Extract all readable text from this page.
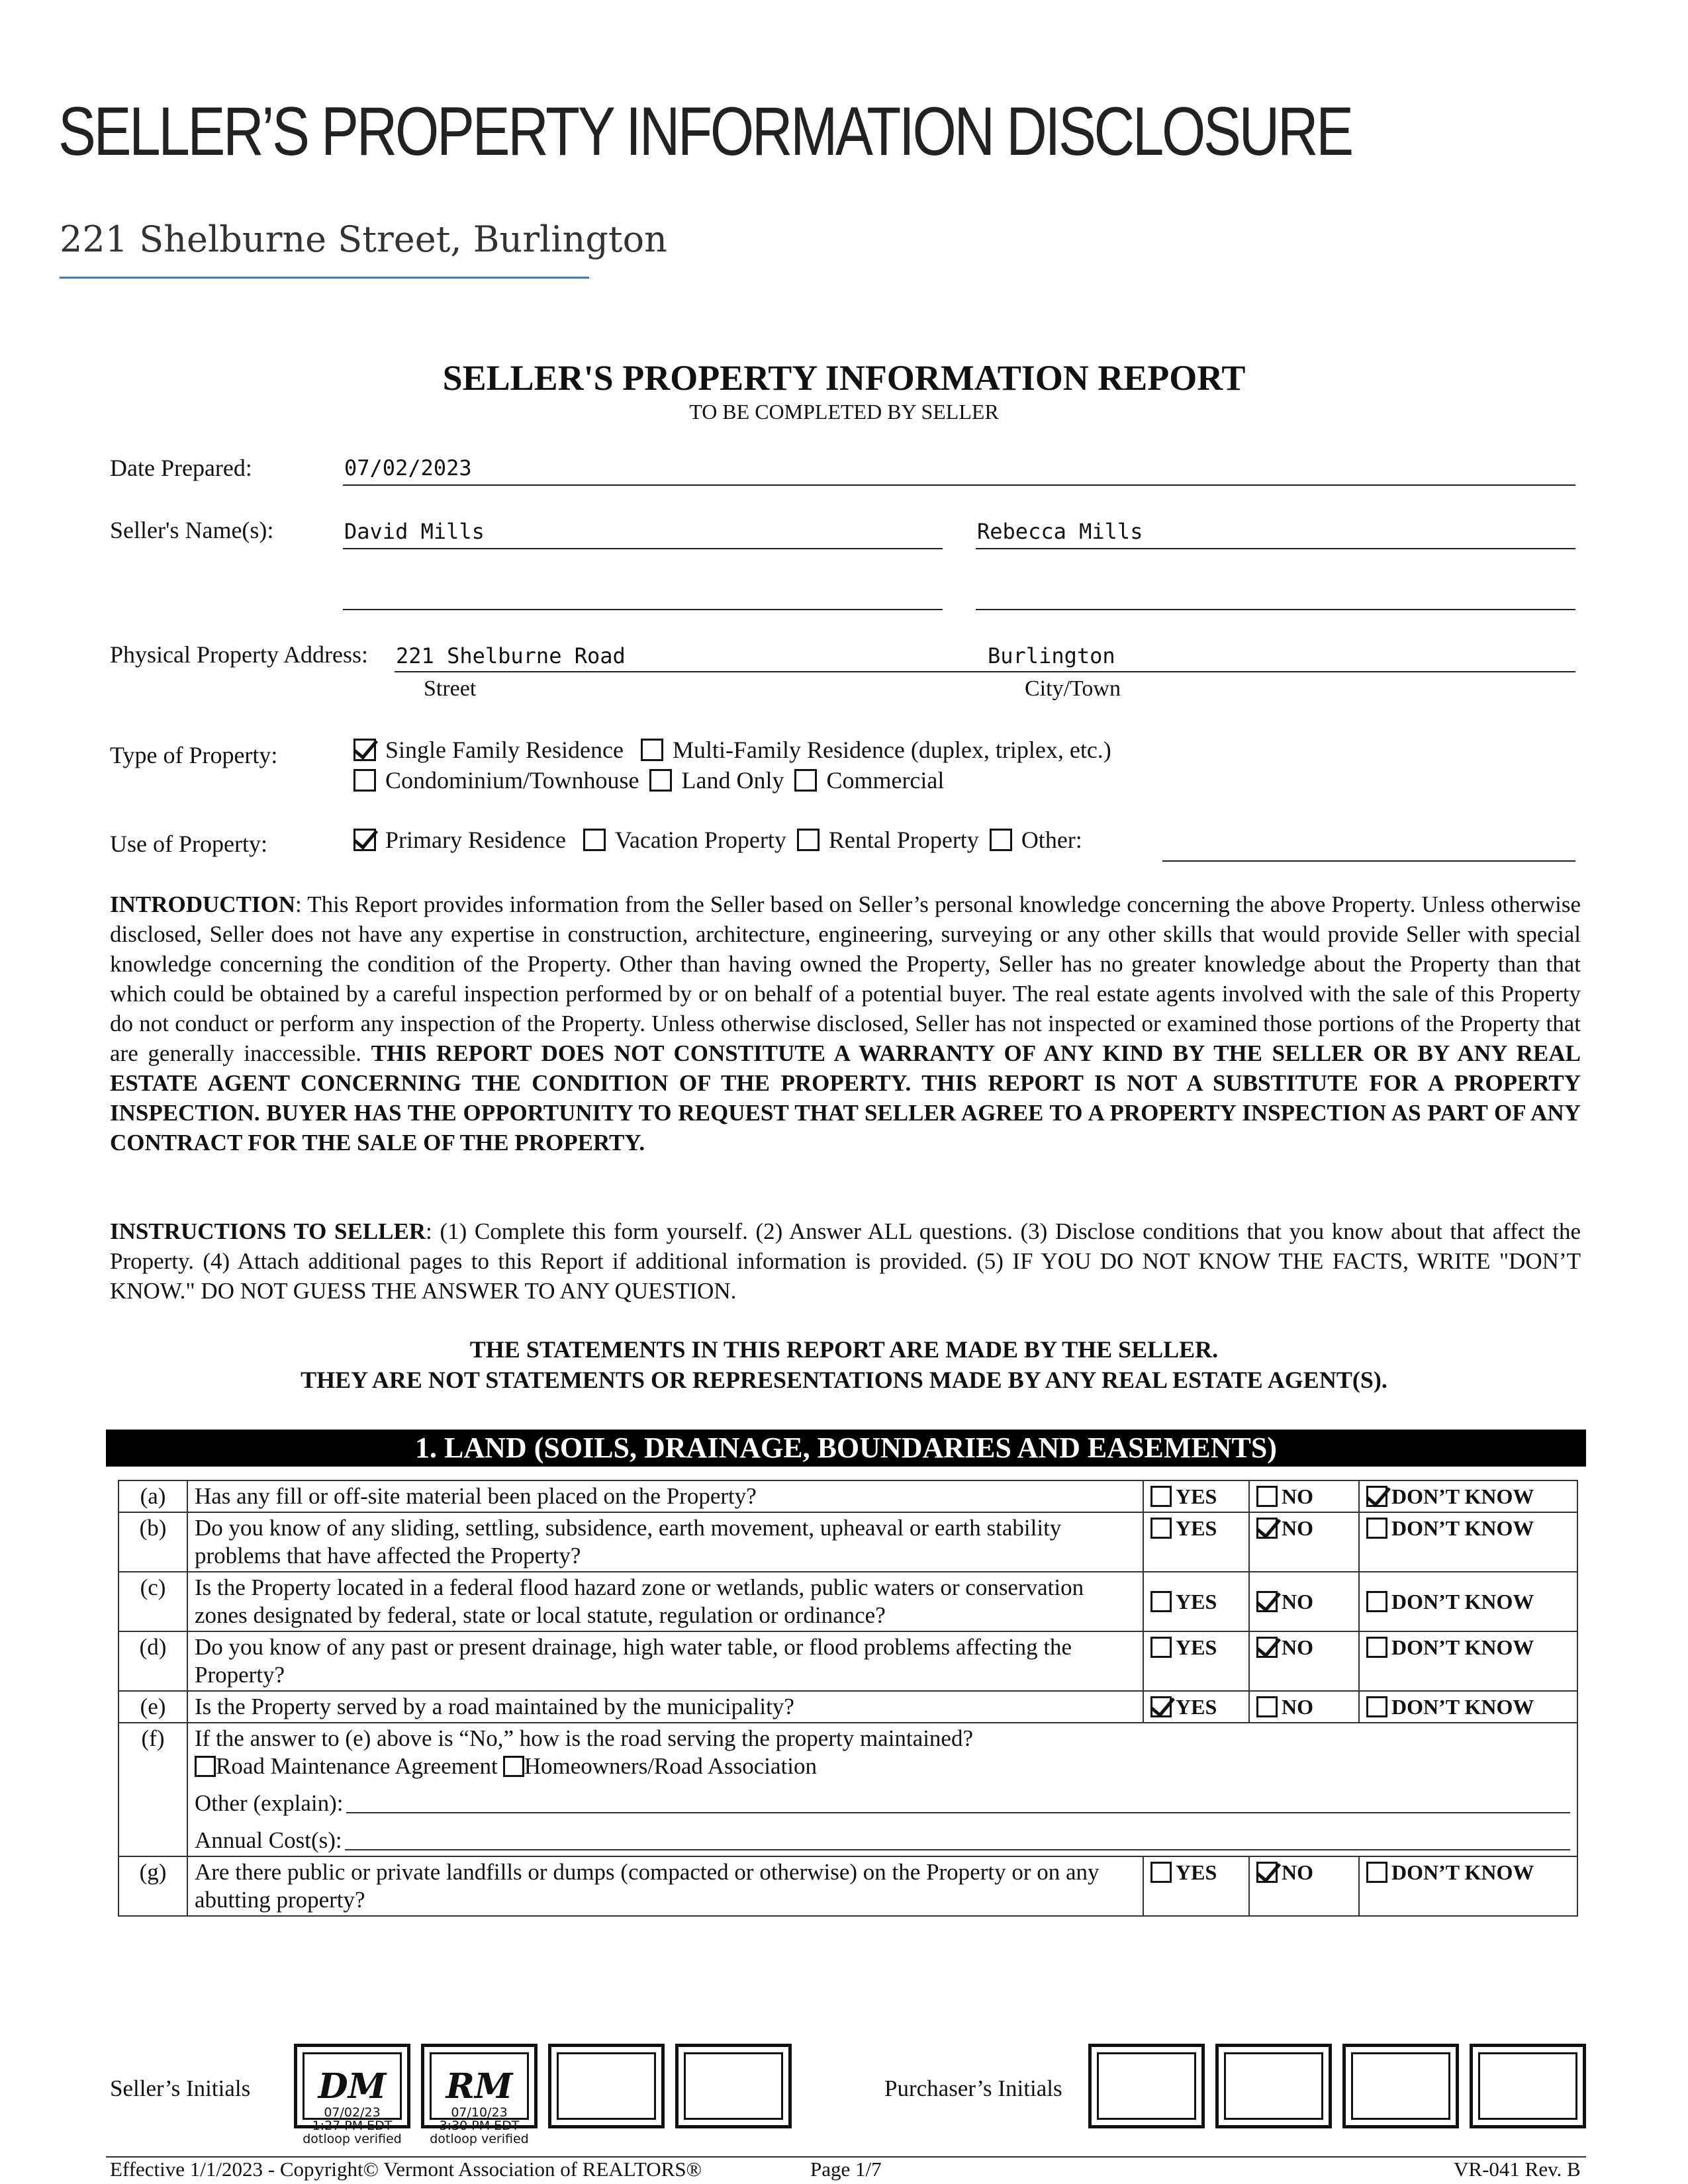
SELLER’S PROPERTY INFORMATION DISCLOSURE
221 Shelburne Street, Burlington
SELLER'S PROPERTY INFORMATION REPORT
TO BE COMPLETED BY SELLER
Date Prepared:	07/02/2023
Seller's Name(s):	David Mills	Rebecca Mills
Physical Property Address: 221 Shelburne Road	Burlington
Street	City/Town
Type of Property:	Single Family Residence
Multi-Family Residence (duplex, triplex, etc.)
Condominium/Townhouse
Land Only
Commercial
Use of Property:	Primary Residence
Vacation Property
Rental Property
Other:
INTRODUCTION: This Report provides information from the Seller based on Seller’s personal knowledge concerning the above Property. Unless otherwise disclosed, Seller does not have any expertise in construction, architecture, engineering, surveying or any other skills that would provide Seller with special knowledge concerning the condition of the Property. Other than having owned the Property, Seller has no greater knowledge about the Property than that which could be obtained by a careful inspection performed by or on behalf of a potential buyer. The real estate agents involved with the sale of this Property do not conduct or perform any inspection of the Property. Unless otherwise disclosed, Seller has not inspected or examined those portions of the Property that are generally inaccessible. THIS REPORT DOES NOT CONSTITUTE A WARRANTY OF ANY KIND BY THE SELLER OR BY ANY REAL ESTATE AGENT CONCERNING THE CONDITION OF THE PROPERTY. THIS REPORT IS NOT A SUBSTITUTE FOR A PROPERTY INSPECTION. BUYER HAS THE OPPORTUNITY TO REQUEST THAT SELLER AGREE TO A PROPERTY INSPECTION AS PART OF ANY CONTRACT FOR THE SALE OF THE PROPERTY.
INSTRUCTIONS TO SELLER: (1) Complete this form yourself. (2) Answer ALL questions. (3) Disclose conditions that you know about that affect the Property. (4) Attach additional pages to this Report if additional information is provided. (5) IF YOU DO NOT KNOW THE FACTS, WRITE "DON’T KNOW." DO NOT GUESS THE ANSWER TO ANY QUESTION.
THE STATEMENTS IN THIS REPORT ARE MADE BY THE SELLER.
THEY ARE NOT STATEMENTS OR REPRESENTATIONS MADE BY ANY REAL ESTATE AGENT(S).
1. LAND (SOILS, DRAINAGE, BOUNDARIES AND EASEMENTS)
(a)	Has any fill or off-site material been placed on the Property?	YES	NO	DON’T KNOW

(b)	Do you know of any sliding, settling, subsidence, earth movement, upheaval or earth stability problems that have affected the Property?	YES	NO	DON’T KNOW

(c)	Is the Property located in a federal flood hazard zone or wetlands, public waters or conservation zones designated by federal, state or local statute, regulation or ordinance?	YES	NO	DON’T KNOW

(d)	Do you know of any past or present drainage, high water table, or flood problems affecting the Property?	YES	NO	DON’T KNOW

(e)	Is the Property served by a road maintained by the municipality?	YES	NO	DON’T KNOW

(f)	If the answer to (e) above is “No,” how is the road serving the property maintained?
Road Maintenance Agreement Homeowners/Road Association
Other (explain):
Annual Cost(s):			

(g)	Are there public or private landfills or dumps (compacted or otherwise) on the Property or on any abutting property?	YES	NO	DON’T KNOW
Seller’s Initials DM
07/02/23
1:27 PM EDT
dotloop verified
RM
07/10/23
3:30 PM EDT
dotloop verified
Purchaser’s Initials
Effective 1/1/2023 - Copyright© Vermont Association of REALTORS®	Page 1/7	VR-041 Rev. B
